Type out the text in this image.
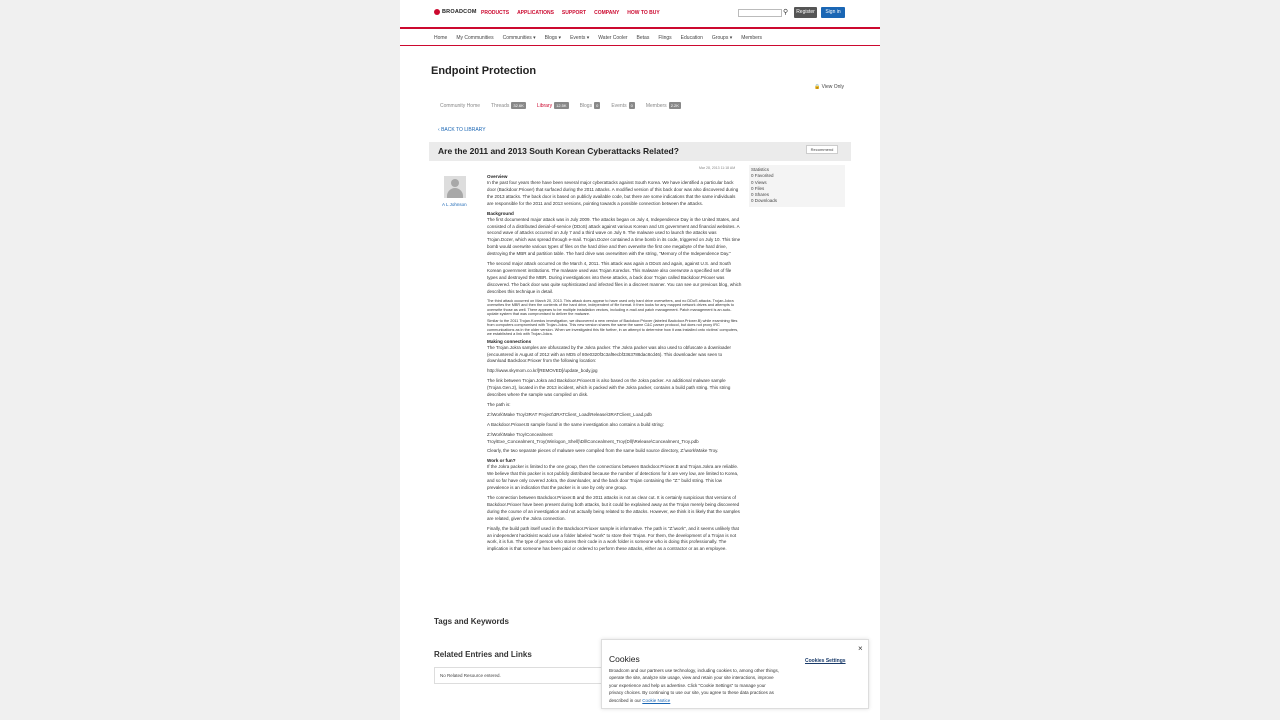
BROADCOM PRODUCTS APPLICATIONS SUPPORT COMPANY HOW TO BUY	⚲	Register	Sign in
Home My Communities Communities ▾ Blogs ▾ Events ▾ Water Cooler Betas Flings Education Groups ▾ Members
Endpoint Protection
🔒 View Only
Community Home Threads	32.6K	Library	12.5K	Blogs	0	Events	0	Members	2.2K
‹ BACK TO LIBRARY
Are the 2011 and 2013 South Korean Cyberattacks Related?	Recommend
A L Johnson
Mar 28, 2013 11:18 AM	Statistics
0 Favorited
0 Views
0 Files
0 Shares
0 Downloads
Overview

In the past four years there have been several major cyberattacks against South Korea. We have identified a particular back door (Backdoor.Prioxer) that surfaced during the 2011 attacks. A modified version of this back door was also discovered during the 2013 attacks. The back door is based on publicly available code, but there are some indications that the same individuals are responsible for the 2011 and 2013 versions, pointing towards a possible connection between the attacks.

Background

The first documented major attack was in July 2009. The attacks began on July 4, Independence Day in the United States, and consisted of a distributed denial-of-service (DDoS) attack against various Korean and US government and financial websites. A second wave of attacks occurred on July 7 and a third wave on July 9. The malware used to launch the attacks was Trojan.Dozer, which was spread through e-mail. Trojan.Dozer contained a time bomb in its code, triggered on July 10. This time bomb would overwrite various types of files on the hard drive and then overwrite the first one megabyte of the hard drive, destroying the MBR and partition table. The hard drive was overwritten with the string, "Memory of the Independence Day."

The second major attack occurred on the March 4, 2011. This attack was again a DDoS and again, against U.S. and South Korean government institutions. The malware used was Trojan.Koredos. This malware also overwrote a specified set of file types and destroyed the MBR. During investigations into these attacks, a back door Trojan called Backdoor.Prioxer was discovered. The back door was quite sophisticated and infected files in a discreet manner. You can see our previous blog, which describes this technique in detail.

The third attack occurred on March 20, 2013. This attack does appear to have used only hard drive overwriters, and no DDoS attacks. Trojan.Jokra overwrites the MBR and then the contents of the hard drive, independent of file format. It then looks for any mapped network drives and attempts to overwrite those as well. There appears to be multiple installation vectors, including e-mail and patch management. Patch management is an auto-update system that was compromised to deliver the malware.

Similar to the 2011 Trojan.Koredos investigation, we discovered a new version of Backdoor.Prioxer (labeled Backdoor.Prioxer.B) while examining files from computers compromised with Trojan.Jokra. This new version shares the same the same C&C parser protocol, but does not proxy IRC communications as in the older version. When we investigated this file further, in an attempt to determine how it was installed onto victims' computers, we established a link with Trojan.Jokra.

Making connections

The Trojan.Jokra samples are obfuscated by the Jokra packer. The Jokra packer was also used to obfuscate a downloader (encountered in August of 2012 with an MD5 of 80e0320f3c3af9ecbf3363788dac8cd46). This downloader was seen to download Backdoor.Prioxer from the following location:

http://www.skymom.co.kr/[REMOVED]/update_body.jpg

The link between Trojan.Jokra and Backdoor.Prioxer.B is also based on the Jokra packer. An additional malware sample (Trojan.Gen.2), located in the 2013 incident, which is packed with the Jokra packer, contains a build path string. This string describes where the sample was compiled on disk.

The path is:

Z:\Work\Make Troy\3RAT Project\3RATClient_Load\Release\3RATClient_Load.pdb

A Backdoor.Prioxer.B sample found in the same investigation also contains a build string:

Z:\Work\Make Troy\Concealment Troy\Exe_Concealment_Troy(Winlogon_Shell)\Dll\Concealment_Troy(Dll)\Release\Concealment_Troy.pdb

Clearly, the two separate pieces of malware were compiled from the same build source directory, Z:\work\Make Troy.

Work or fun?

If the Jokra packer is limited to the one group, then the connections between Backdoor.Prioxer.B and Trojan.Jokra are reliable. We believe that this packer is not publicly distributed because the number of detections for it are very low, are limited to Korea, and so far have only covered Jokra, the downloader, and the back door Trojan containing the "Z:" build string. This low prevalence is an indication that the packer is in use by only one group.

The connection between Backdoor.Prioxer.B and the 2011 attacks is not as clear cut. It is certainly suspicious that versions of Backdoor.Prioxer have been present during both attacks, but it could be explained away as the Trojan merely being discovered during the course of an investigation and not actually being related to the attacks. However, we think it is likely that the samples are related, given the Jokra connection.

Finally, the build path itself used in the Backdoor.Prioxer sample is informative. The path is "Z:\work", and it seems unlikely that an independent hacktivist would use a folder labeled "work" to store their Trojan. For them, the development of a Trojan is not work, it is fun. The type of person who stores their code in a work folder is someone who is doing this professionally. The implication is that someone has been paid or ordered to perform these attacks, either as a contractor or as an employee.

Tags and Keywords
Related Entries and Links
No Related Resource entered.
×
Cookies
Broadcom and our partners use technology, including cookies to, among other things, operate the site, analyze site usage, view and retain your site interactions, improve your experience and help us advertise. Click "Cookie Settings" to manage your privacy choices. By continuing to use our site, you agree to these data practices as described in our Cookie Notice
Cookies Settings
